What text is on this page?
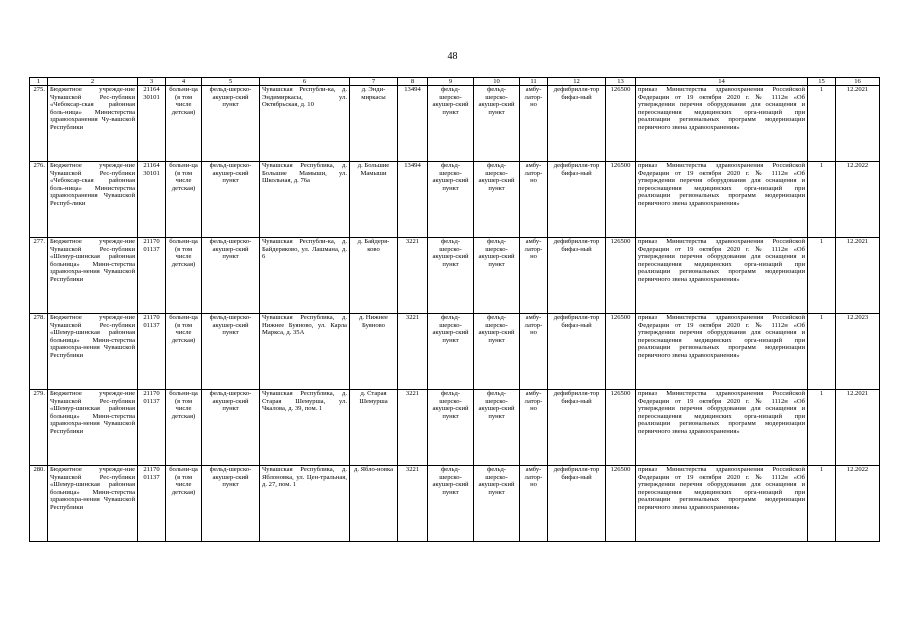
48
1	2	3	4	5	6	7	8	9	10	11	12	13	14	15	16
275.	Бюджетное учрежде-ние Чувашской Рес-публики «Чебоксар-ская районная боль-ница» Министерства здравоохранения Чу-вашской Республики	21164 30101	больни-ца (в том числе детская)	фельд-шерско-акушер-ский пункт	Чувашская Республи-ка, д. Эндимиркасы, ул. Октябрьская, д. 10	д. Энди-миркасы	13494	фельд-шерско-акушер-ский пункт	фельд-шерско-акушер-ский пункт	амбу-латор-но	дефибрилля-тор бифаз-ный	126500	приказ Министерства здравоохранения Российской Федерации от 19 октября 2020 г. № 1112н «Об утверждении перечня оборудования для оснащения и переоснащения медицинских орга-низаций при реализации региональных программ модернизации первичного звена здравоохранения»	1	12.2021
276.	Бюджетное учрежде-ние Чувашской Рес-публики «Чебоксар-ская районная боль-ница» Министерства здравоохранения Чувашской Респуб-лики	21164 30101	больни-ца (в том числе детская)	фельд-шерско-акушер-ский пункт	Чувашская Республика, д. Большие Мамыши, ул. Школьная, д. 76а	д. Большие Мамыши	13494	фельд-шерско-акушер-ский пункт	фельд-шерско-акушер-ский пункт	амбу-латор-но	дефибрилля-тор бифаз-ный	126500	приказ Министерства здравоохранения Российской Федерации от 19 октября 2020 г. № 1112н «Об утверждении перечня оборудования для оснащения и переоснащения медицинских орга-низаций при реализации региональных программ модернизации первичного звена здравоохранения»	1	12.2022
277.	Бюджетное учрежде-ние Чувашской Рес-публики «Шемур-шинская районная больница» Мини-стерства здравоохра-нения Чувашской Республики	21170 01137	больни-ца (в том числе детская)	фельд-шерско-акушер-ский пункт	Чувашская Республи-ка, д. Байдеряково, ул. Лашмана, д. 6	д. Байдеря-ково	3221	фельд-шерско-акушер-ский пункт	фельд-шерско-акушер-ский пункт	амбу-латор-но	дефибрилля-тор бифаз-ный	126500	приказ Министерства здравоохранения Российской Федерации от 19 октября 2020 г. № 1112н «Об утверждении перечня оборудования для оснащения и переоснащения медицинских орга-низаций при реализации региональных программ модернизации первичного звена здравоохранения»	1	12.2021
278.	Бюджетное учрежде-ние Чувашской Рес-публики «Шемур-шинская районная больница» Мини-стерства здравоохра-нения Чувашской Республики	21170 01137	больни-ца (в том числе детская)	фельд-шерско-акушер-ский пункт	Чувашская Республика, д. Нижнее Буяново, ул. Карла Маркса, д. 35А	д. Нижнее Буяново	3221	фельд-шерско-акушер-ский пункт	фельд-шерско-акушер-ский пункт	амбу-латор-но	дефибрилля-тор бифаз-ный	126500	приказ Министерства здравоохранения Российской Федерации от 19 октября 2020 г. № 1112н «Об утверждении перечня оборудования для оснащения и переоснащения медицинских орга-низаций при реализации региональных программ модернизации первичного звена здравоохранения»	1	12.2023
279.	Бюджетное учрежде-ние Чувашской Рес-публики «Шемур-шинская районная больница» Мини-стерства здравоохра-нения Чувашской Республики	21170 01137	больни-ца (в том числе детская)	фельд-шерско-акушер-ский пункт	Чувашская Республика, д. Старая Шемурша, ул. Чкалова, д. 39, пом. 1	д. Старая Шемурша	3221	фельд-шерско-акушер-ский пункт	фельд-шерско-акушер-ский пункт	амбу-латор-но	дефибрилля-тор бифаз-ный	126500	приказ Министерства здравоохранения Российской Федерации от 19 октября 2020 г. № 1112н «Об утверждении перечня оборудования для оснащения и переоснащения медицинских орга-низаций при реализации региональных программ модернизации первичного звена здравоохранения»	1	12.2021
280.	Бюджетное учрежде-ние Чувашской Рес-публики «Шемур-шинская районная больница» Мини-стерства здравоохра-нения Чувашской Республики	21170 01137	больни-ца (в том числе детская)	фельд-шерско-акушер-ский пункт	Чувашская Республика, д. Яблоновка, ул. Цен-тральная, д. 27, пом. 1	д. Ябло-новка	3221	фельд-шерско-акушер-ский пункт	фельд-шерско-акушер-ский пункт	амбу-латор-но	дефибрилля-тор бифаз-ный	126500	приказ Министерства здравоохранения Российской Федерации от 19 октября 2020 г. № 1112н «Об утверждении перечня оборудования для оснащения и переоснащения медицинских орга-низаций при реализации региональных программ модернизации первичного звена здравоохранения»	1	12.2022
